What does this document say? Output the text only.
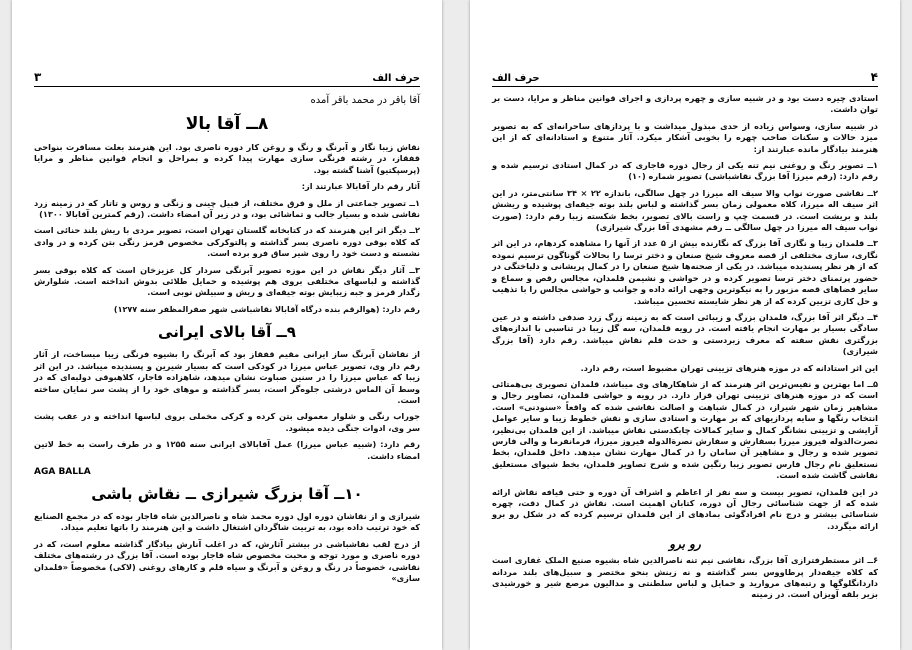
حرف الف
۳
آقا باقر در محمد باقر آمده
۸ــ آقا بالا

نقاش زیبا نگار و آبرنگ و رنگ و روغن کار دوره ناصری بود. این هنرمند بعلت مسافرت بنواحی قفقاز، در رشته فرنگی سازی مهارت پیدا کرده و بمراحل و انجام قوانین مناظر و مرایا (پرسپکتیو) آشنا گشته بود.

آثار رقم دار آقابالا عبارتند از:

۱ــ تصویر جماعتی از ملل و فرق مختلف، از قبیل چینی و زنگی و روس و تاتار که در زمینه زرد نقاشی شده و بسیار جالب و تماشائی بود، و در زیر آن امضاء داشت. (رقم کمترین آقابالا ۱۳۰۰)

۲ــ دیگر اثر این هنرمند که در کتابخانه گلستان تهران است، تصویر مردی با ریش بلند حنائی است که کلاه بوقی دوره ناصری بسر گذاشته و پالتوکرکی مخصوص قرمز رنگی بتن کرده و در وادی نشسته و دست خود را روی شیر ساق فرو برده است.

۳ــ آثار دیگر نقاش در این موزه تصویر آبرنگی سردار کل عزیزخان است که کلاه بوقی بسر گذاشته و لباسهای مختلفی بروی هم پوشیده و حمایل طلائی بدوش انداخته است. شلوارش زگدار قرمز و جبه زیبایش بوته جیقه‌ای و ریش و سبیلش نوبی است.

رقم دارد: (هوالرقم بنده درگاه آقابالا نقاشباشی شهر صفرالمظفر سنه ۱۲۷۷)

۹ــ آقا بالای ایرانی

از نقاشان آبرنگ ساز ایرانی مقیم قفقاز بود که آبرنگ را بشیوه فرنگی زیبا میساخت، از آثار رقم دار وی، تصویر عباس میرزا در کودکی است که بسیار شیرین و پسندیده میباشد. در این اثر زیبا که عباس میرزا را در سنین صباوت نشان میدهد، شاهزاده قاجار، کلاهبوقی دولبه‌ای که در وسط آن الماس درشتی جلوه‌گر است، بسر گذاشته و موهای خود را از پشت سر نمایان ساخته است.

جوراب رنگی و شلوار معمولی بتن کرده و کرکی مخملی بروی لباسها انداخته و در عقب پشت سر وی، ادوات جنگی دیده میشود.

رقم دارد: (شبیه عباس میرزا) عمل آقابالای ایرانی سنه ۱۲۵۵ و در طرف راست به خط لاتین امضاء داشت.

AGA BALLA
۱۰ــ آقا بزرگ شیرازی ــ نقاش باشی

شیرازی و از نقاشان دوره اول دوره محمد شاه و ناصرالدین شاه قاجار بوده که در مجمع الصنایع که خود ترتیب داده بود، به تربیت شاگردان اشتغال داشت و این هنرمند را باتها تعلیم میداد.

از درج لقب نقاشباشی در بیشتر آثارش، که در اغلب آنارش بیادگار گذاشته معلوم است، که در دوره ناصری و مورد توجه و محبت مخصوص شاه قاجار بوده است. آقا بزرگ در رشته‌های مختلف نقاشی، خصوصاً در رنگ و روغن و آبرنگ و سیاه قلم و کارهای روغنی (لاکی) مخصوصاً «قلمدان سازی»

۴
حرف الف

استادی چیره دست بود و در شبیه سازی و چهره پردازی و اجرای قوانین مناظر و مرایا، دست بر توان داشت.

در شبیه سازی، وسواس زیاده از حدی مبذول میداشت و با پردازهای ساحرانه‌ای که به تصویر میزد حالات و سکنات صاحب چهره را بخوبی آشکار میکرد. آثار متنوع و استادانه‌ای که از این هنرمند بیادگار مانده عبارتند از:

۱ــ تصویر رنگ و روغنی نیم تنه یکی از رجال دوره قاجاری که در کمال استادی ترسیم شده و رقم دارد: (رقم میرزا آقا بزرگ نقاشباشی) تصویر شماره (۱۰)

۲ــ نقاشی صورت نواب والا سیف اله میرزا در چهل سالگی، باندازه ۲۲ × ۳۴ سانتی‌متر، در این اثر سیف اله میرزا، کلاه معمولی زمان بسر گذاشته و لباس بلند بوته جیقه‌ای پوشیده و ریشش بلند و بریشت است. در قسمت چپ و راست بالای تصویر، بخط شکسته زیبا رقم دارد: (صورت نواب سیف اله میرزا در چهل سالگی ــ رقم مشهدی آقا بزرگ شیرازی)

۳ــ قلمدان زیبا و نگاری آقا بزرگ که نگارنده بیش از ۵ عدد از آنها را مشاهده کردهام، در این اثر نگاری، سازی مختلفی از قصه معروف شیخ صنعان و دختر ترسا را بحالات گوناگون ترسیم نموده که از هر نظر پسندیده میباشد. در یکی از صحنه‌ها شیخ صنعان را در کمال پریشانی و دلباختگی در حضور پرتمنای دختر ترسا تصویر کرده و در حواشی و نشیمن قلمدان، مجالس رقص و سماع و سایر فضاهای قصه مزبور را به نیکوترین وجهی ارائه داده و جوانب و حواشی مجالس را با تذهیب و حل کاری تزیین کرده که از هر نظر شایسته تحسین میباشد.

۴ــ دیگر اثر آقا بزرگ، قلمدان بزرگ و زیبائی است که به زمینه زرگ زرد صدفی داشته و در عین سادگی بسیار بر مهارت انجام یافته است. در رویه قلمدان، سه گل زیبا در تناسبی با اندازه‌های بزرگتری نقش سفته که معرف زبردستی و حدت قلم نقاش میباشد. رقم دارد (آقا بزرگ شیرازی)

این اثر استادانه که در موزه هنرهای تزیینی تهران مضبوط است، رقم دارد.

۵ــ اما بهترین و نفیس‌ترین اثر هنرمند که از شاهکارهای وی میباشد، قلمدان تصویری بی‌همتائی است که در موزه هنرهای تزیینی تهران قرار دارد. در رویه و حواشی قلمدان، تصاویر رجال و مشاهیر زمان شهر شیراز، در کمال شباهت و اصالت نقاشی شده که واقعاً «سنودنی» است. انتخاب رنگها و سایه پردازیهای که بر مهارت و استادی سازی و نقش خطوط زیبا و سایر عوامل آرایشی و تزیینی نشانگر کمال و سایر کمالات چابکدستی نقاش میباشد. از این قلمدان بی‌نظیر، نصرت‌الدوله فیروز میرزا بسفارش و سفارش نصرةالدوله فیروز میرزا، فرمانفرما و والی فارس تصویر شده و رجال و مشاهیر آن سامان را در کمال مهارت نشان میدهد. داخل قلمدان، بخط نستعلیق نام رجال فارس تصویر زیبا رنگین شده و شرح تصاویر قلمدان، بخط شیوای مستعلیق نقاشی گاشت شده است.

در این قلمدان، تصویر بیست و سه نفر از اعاظم و اشراف آن دوره و حتی قیافه نقاش ارائه شده که از جهت شناسائی رجال آن دوره، کتابان اهمیت است. نقاش در کمال دقت، چهره شناسائی بیشتر و درج نام افرادگوئی بمادهای از این قلمدان ترسیم کرده که در شکل رو برو ارائه میگردد.

رو برو

۶ــ اثر مستطرفترازی آقا بزرگ، نقاشی نیم تنه ناصرالدین شاه بشیوه صنیع الملک غفاری است که کلاه جیقه‌دار پرطاووس بسر گذاشته و نه زینش بنحو مختصر و سبیل‌های بلند مردانه داردانگلوگها و رتبه‌های مروارید و حمایل و لباس سلطنتی و مدالیون مرصع شیر و خورشیدی بزیر بلقه آویزان است. در زمینه
